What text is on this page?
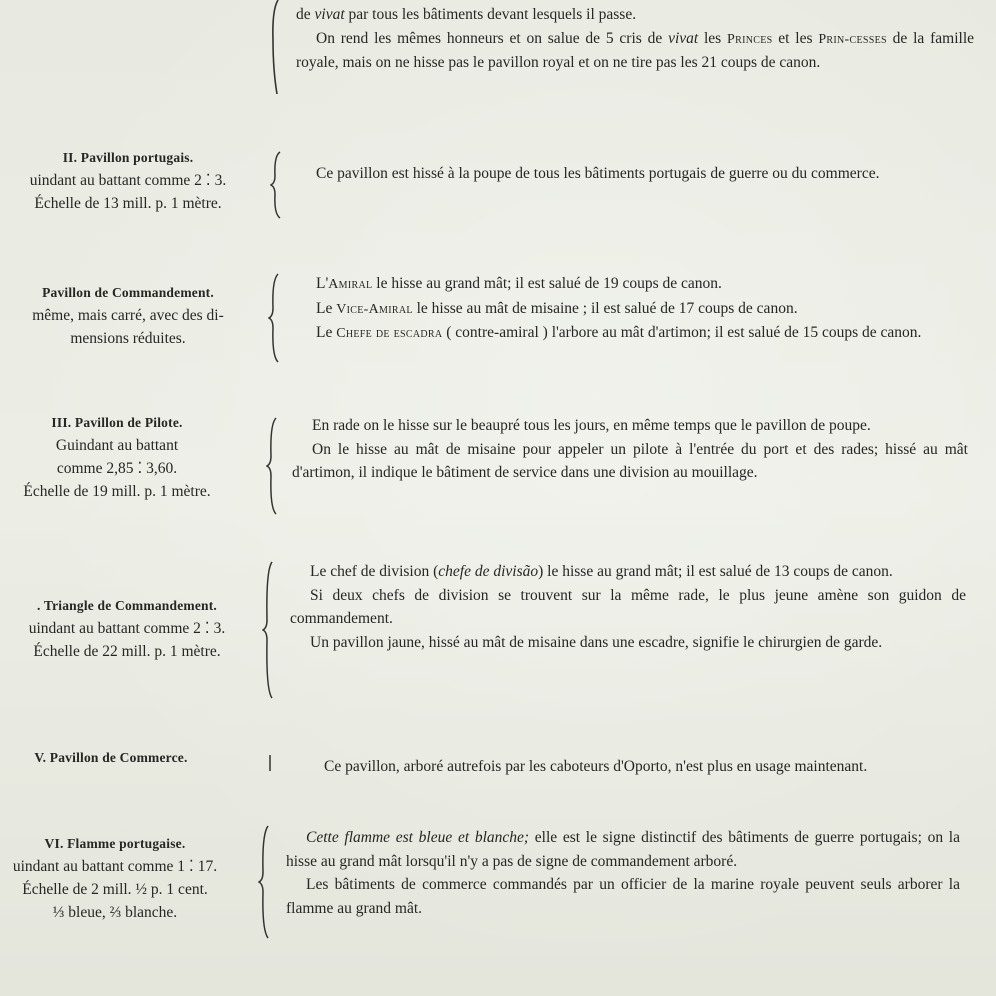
de vivat par tous les bâtiments devant lesquels il passe.

On rend les mêmes honneurs et on salue de 5 cris de vivat les Princes et les Prin-cesses de la famille royale, mais on ne hisse pas le pavillon royal et on ne tire pas les 21 coups de canon.

II. Pavillon portugais.
uindant au battant comme 2 ⁚ 3.
Échelle de 13 mill. p. 1 mètre.

Ce pavillon est hissé à la poupe de tous les bâtiments portugais de guerre ou du commerce.

Pavillon de Commandement.
même, mais carré, avec des di-
mensions réduites.

L'Amiral le hisse au grand mât; il est salué de 19 coups de canon.

Le Vice-Amiral le hisse au mât de misaine ; il est salué de 17 coups de canon.

Le Chefe de escadra ( contre-amiral ) l'arbore au mât d'artimon; il est salué de 15 coups de canon.

III. Pavillon de Pilote.
Guindant au battant
comme 2,85 ⁚ 3,60.
Échelle de 19 mill. p. 1 mètre.

En rade on le hisse sur le beaupré tous les jours, en même temps que le pavillon de poupe.

On le hisse au mât de misaine pour appeler un pilote à l'entrée du port et des rades; hissé au mât d'artimon, il indique le bâtiment de service dans une division au mouillage.

. Triangle de Commandement.
uindant au battant comme 2 ⁚ 3.
Échelle de 22 mill. p. 1 mètre.

Le chef de division (chefe de divisão) le hisse au grand mât; il est salué de 13 coups de canon.

Si deux chefs de division se trouvent sur la même rade, le plus jeune amène son guidon de commandement.

Un pavillon jaune, hissé au mât de misaine dans une escadre, signifie le chirurgien de garde.

V. Pavillon de Commerce.

Ce pavillon, arboré autrefois par les caboteurs d'Oporto, n'est plus en usage maintenant.

VI. Flamme portugaise.
uindant au battant comme 1 ⁚ 17.
Échelle de 2 mill. ½ p. 1 cent.
⅓ bleue, ⅔ blanche.

Cette flamme est bleue et blanche; elle est le signe distinctif des bâtiments de guerre portugais; on la hisse au grand mât lorsqu'il n'y a pas de signe de commandement arboré.

Les bâtiments de commerce commandés par un officier de la marine royale peuvent seuls arborer la flamme au grand mât.
